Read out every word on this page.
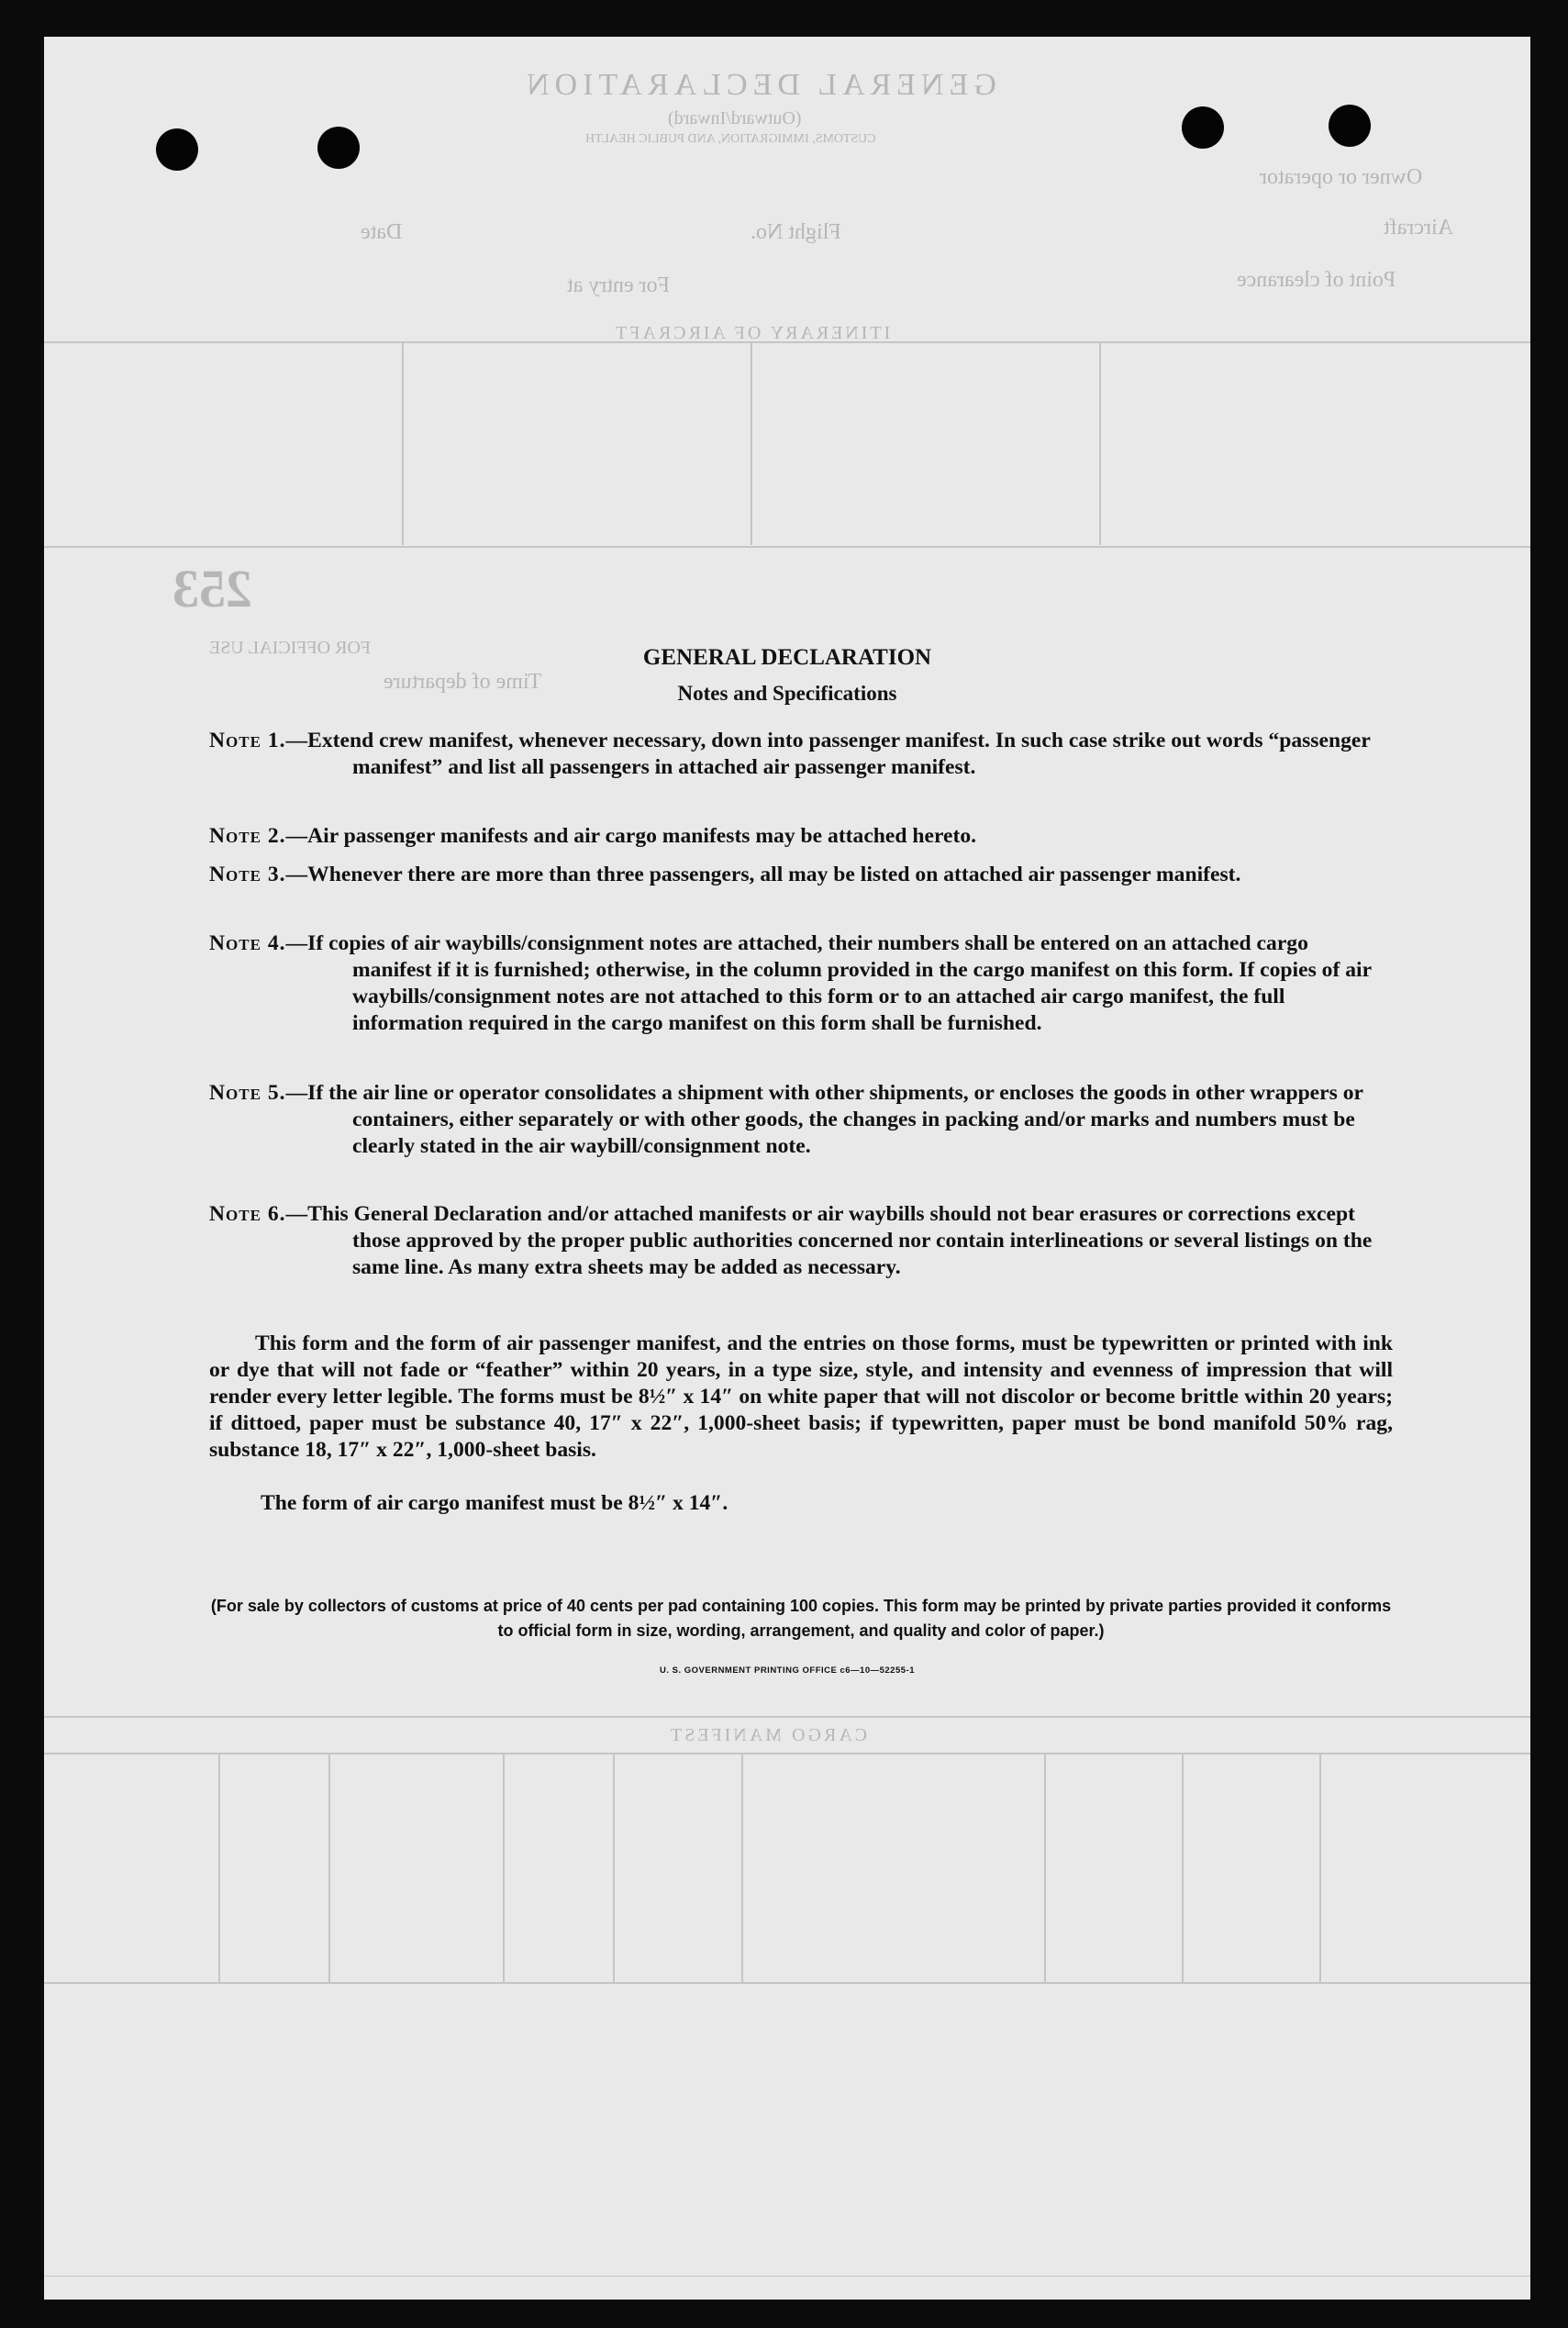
GENERAL DECLARATION
(Outward/Inward)
CUSTOMS, IMMIGRATION, AND PUBLIC HEALTH
Owner or operator
Aircraft
Flight No.
Date
Point of clearance
For entry at
ITINERARY OF AIRCRAFT
253
FOR OFFICIAL USE
Time of departure
CARGO MANIFEST
GENERAL DECLARATION
Notes and Specifications
Note 1.—Extend crew manifest, whenever necessary, down into passenger manifest. In such case strike out words “passenger manifest” and list all passengers in attached air passenger manifest.
Note 2.—Air passenger manifests and air cargo manifests may be attached hereto.
Note 3.—Whenever there are more than three passengers, all may be listed on attached air passenger manifest.
Note 4.—If copies of air waybills/consignment notes are attached, their numbers shall be entered on an attached cargo manifest if it is furnished; otherwise, in the column provided in the cargo manifest on this form. If copies of air waybills/consignment notes are not attached to this form or to an attached air cargo manifest, the full information required in the cargo manifest on this form shall be furnished.
Note 5.—If the air line or operator consolidates a shipment with other shipments, or encloses the goods in other wrappers or containers, either separately or with other goods, the changes in packing and/or marks and numbers must be clearly stated in the air waybill/consignment note.
Note 6.—This General Declaration and/or attached manifests or air waybills should not bear erasures or corrections except those approved by the proper public authorities concerned nor contain interlineations or several listings on the same line. As many extra sheets may be added as necessary.
This form and the form of air passenger manifest, and the entries on those forms, must be typewritten or printed with ink or dye that will not fade or “feather” within 20 years, in a type size, style, and intensity and evenness of impression that will render every letter legible. The forms must be 8½″ x 14″ on white paper that will not discolor or become brittle within 20 years; if dittoed, paper must be substance 40, 17″ x 22″, 1,000-sheet basis; if typewritten, paper must be bond manifold 50% rag, substance 18, 17″ x 22″, 1,000-sheet basis.
The form of air cargo manifest must be 8½″ x 14″.
(For sale by collectors of customs at price of 40 cents per pad containing 100 copies. This form may be printed by private parties provided it conforms to official form in size, wording, arrangement, and quality and color of paper.)
U. S. GOVERNMENT PRINTING OFFICE c6—10—52255-1
